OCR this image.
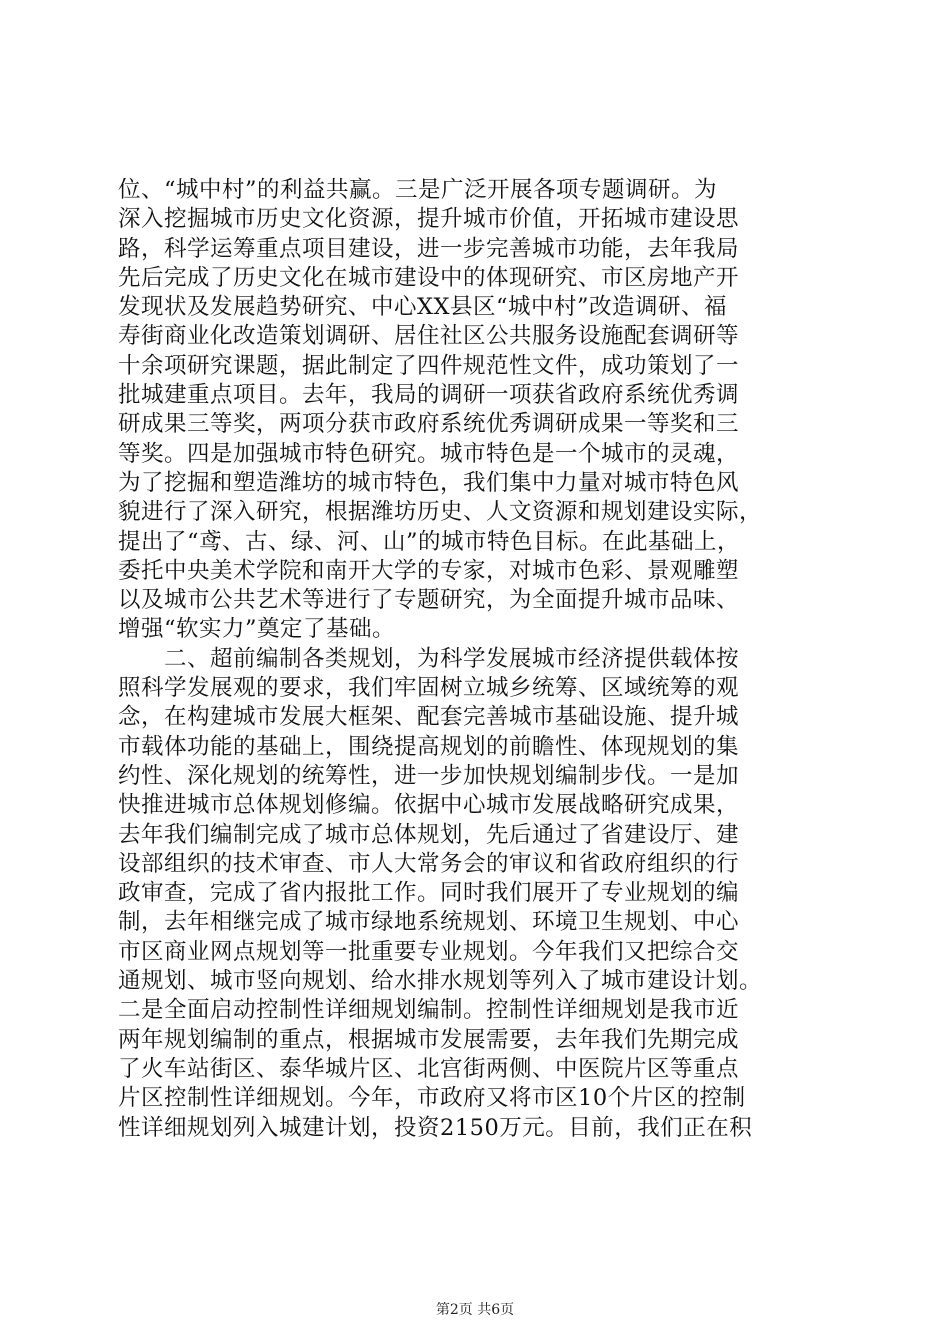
位、“城中村”的利益共赢。三是广泛开展各项专题调研。为
深入挖掘城市历史文化资源，提升城市价值，开拓城市建设思
路，科学运筹重点项目建设，进一步完善城市功能，去年我局
先后完成了历史文化在城市建设中的体现研究、市区房地产开
发现状及发展趋势研究、中心XX县区“城中村”改造调研、福
寿街商业化改造策划调研、居住社区公共服务设施配套调研等
十余项研究课题，据此制定了四件规范性文件，成功策划了一
批城建重点项目。去年，我局的调研一项获省政府系统优秀调
研成果三等奖，两项分获市政府系统优秀调研成果一等奖和三
等奖。四是加强城市特色研究。城市特色是一个城市的灵魂，
为了挖掘和塑造潍坊的城市特色，我们集中力量对城市特色风
貌进行了深入研究，根据潍坊历史、人文资源和规划建设实际，
提出了“鸢、古、绿、河、山”的城市特色目标。在此基础上，
委托中央美术学院和南开大学的专家，对城市色彩、景观雕塑
以及城市公共艺术等进行了专题研究，为全面提升城市品味、
增强“软实力”奠定了基础。
　　二、超前编制各类规划，为科学发展城市经济提供载体按
照科学发展观的要求，我们牢固树立城乡统筹、区域统筹的观
念，在构建城市发展大框架、配套完善城市基础设施、提升城
市载体功能的基础上，围绕提高规划的前瞻性、体现规划的集
约性、深化规划的统筹性，进一步加快规划编制步伐。一是加
快推进城市总体规划修编。依据中心城市发展战略研究成果，
去年我们编制完成了城市总体规划，先后通过了省建设厅、建
设部组织的技术审查、市人大常务会的审议和省政府组织的行
政审查，完成了省内报批工作。同时我们展开了专业规划的编
制，去年相继完成了城市绿地系统规划、环境卫生规划、中心
市区商业网点规划等一批重要专业规划。今年我们又把综合交
通规划、城市竖向规划、给水排水规划等列入了城市建设计划。
二是全面启动控制性详细规划编制。控制性详细规划是我市近
两年规划编制的重点，根据城市发展需要，去年我们先期完成
了火车站街区、泰华城片区、北宫街两侧、中医院片区等重点
片区控制性详细规划。今年，市政府又将市区10个片区的控制
性详细规划列入城建计划，投资2150万元。目前，我们正在积
第2页 共6页
